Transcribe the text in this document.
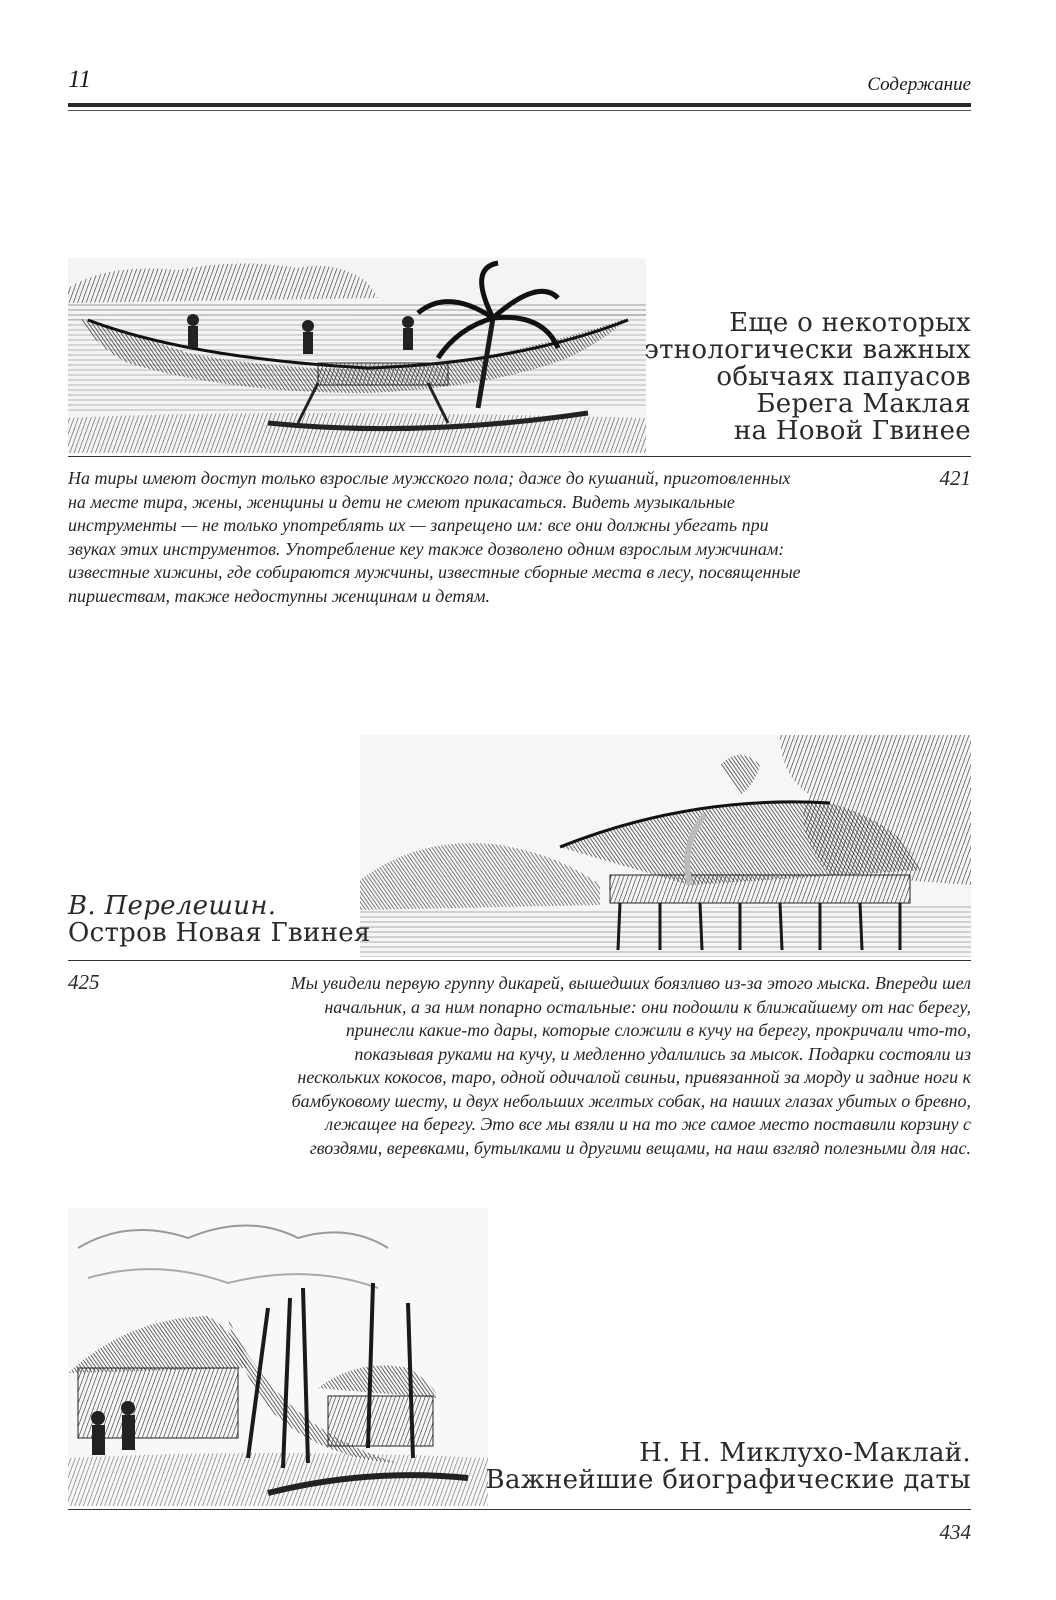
11	Содержание
Еще о некоторых
этнологически важных
обычаях папуасов
Берега Маклая
на Новой Гвинее
На тиры имеют доступ только взрослые мужского пола; даже до кушаний, приготовленных на месте тира, жены, женщины и дети не смеют прикасаться. Видеть музыкальные инструменты — не только употреблять их — запрещено им: все они должны убегать при звуках этих инструментов. Употребление кеу также дозволено одним взрослым мужчинам: известные хижины, где собираются мужчины, известные сборные места в лесу, посвященные пиршествам, также недоступны женщинам и детям.
421
В. Перелешин.
Остров Новая Гвинея
425	Мы увидели первую группу дикарей, вышедших боязливо из-за этого мыска. Впереди шел начальник, а за ним попарно остальные: они подошли к ближайшему от нас берегу, принесли какие-то дары, которые сложили в кучу на берегу, прокричали что-то, показывая руками на кучу, и медленно удалились за мысок. Подарки состояли из нескольких кокосов, таро, одной одичалой свиньи, привязанной за морду и задние ноги к бамбуковому шесту, и двух небольших желтых собак, на наших глазах убитых о бревно, лежащее на берегу. Это все мы взяли и на то же самое место поставили корзину с гвоздями, веревками, бутылками и другими вещами, на наш взгляд полезными для нас.
Н. Н. Миклухо-Маклай.
Важнейшие биографические даты
434
